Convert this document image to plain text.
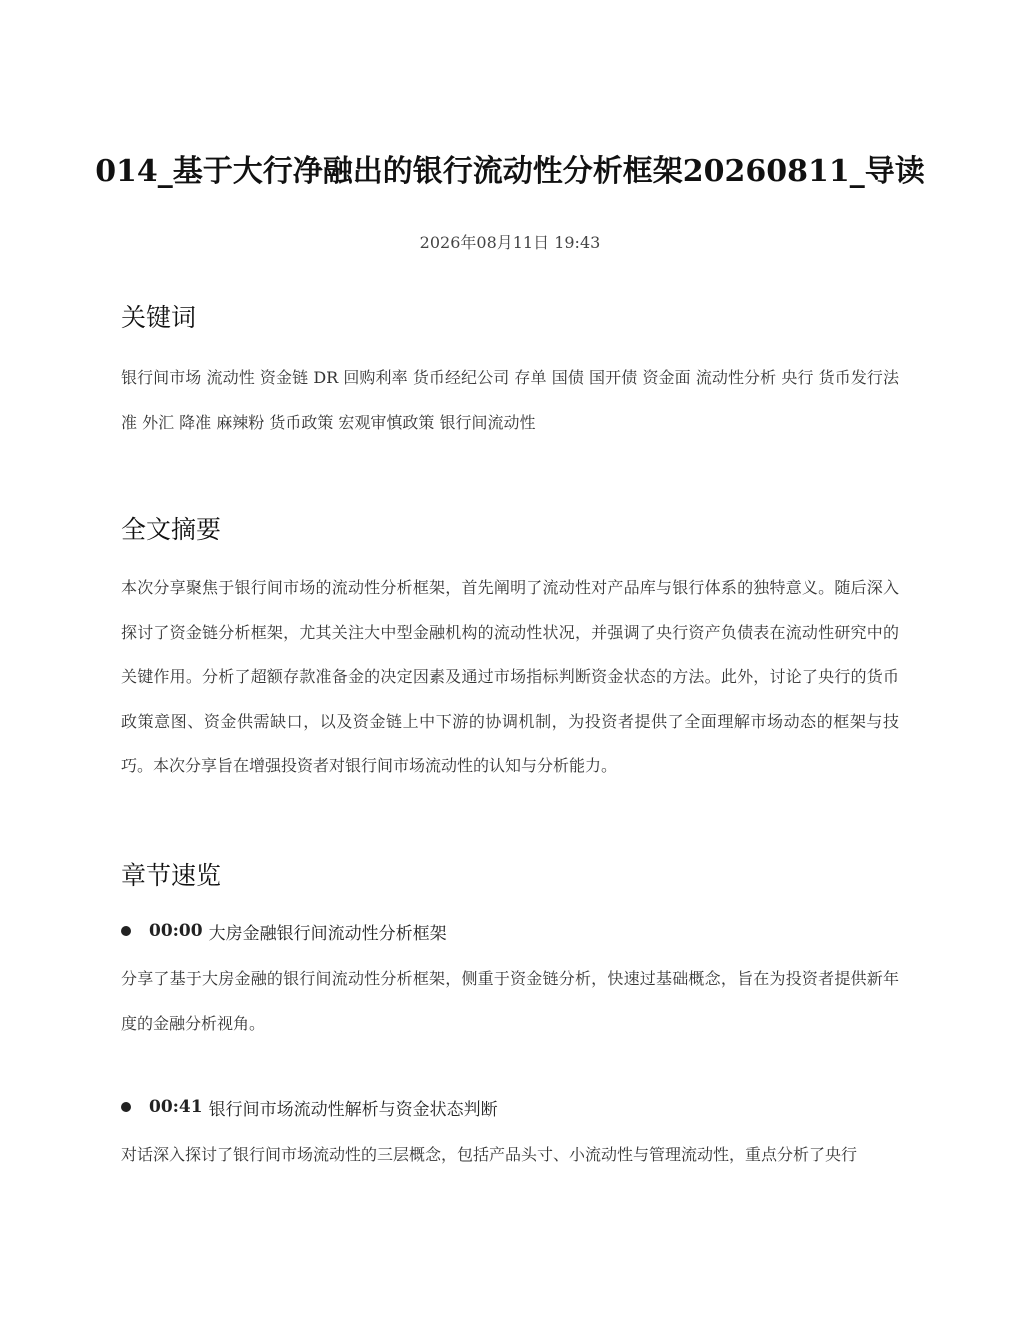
014_基于大行净融出的银行流动性分析框架20260811_导读
2026年08月11日 19:43
关键词

银行间市场 流动性 资金链 DR 回购利率 货币经纪公司 存单 国债 国开债 资金面 流动性分析 央行 货币发行法准 外汇 降准 麻辣粉 货币政策 宏观审慎政策 银行间流动性

全文摘要

本次分享聚焦于银行间市场的流动性分析框架，首先阐明了流动性对产品库与银行体系的独特意义。随后深入探讨了资金链分析框架，尤其关注大中型金融机构的流动性状况，并强调了央行资产负债表在流动性研究中的关键作用。分析了超额存款准备金的决定因素及通过市场指标判断资金状态的方法。此外，讨论了央行的货币政策意图、资金供需缺口，以及资金链上中下游的协调机制，为投资者提供了全面理解市场动态的框架与技巧。本次分享旨在增强投资者对银行间市场流动性的认知与分析能力。

章节速览
00:00 大房金融银行间流动性分析框架

分享了基于大房金融的银行间流动性分析框架，侧重于资金链分析，快速过基础概念，旨在为投资者提供新年度的金融分析视角。

00:41 银行间市场流动性解析与资金状态判断

对话深入探讨了银行间市场流动性的三层概念，包括产品头寸、小流动性与管理流动性，重点分析了央行
